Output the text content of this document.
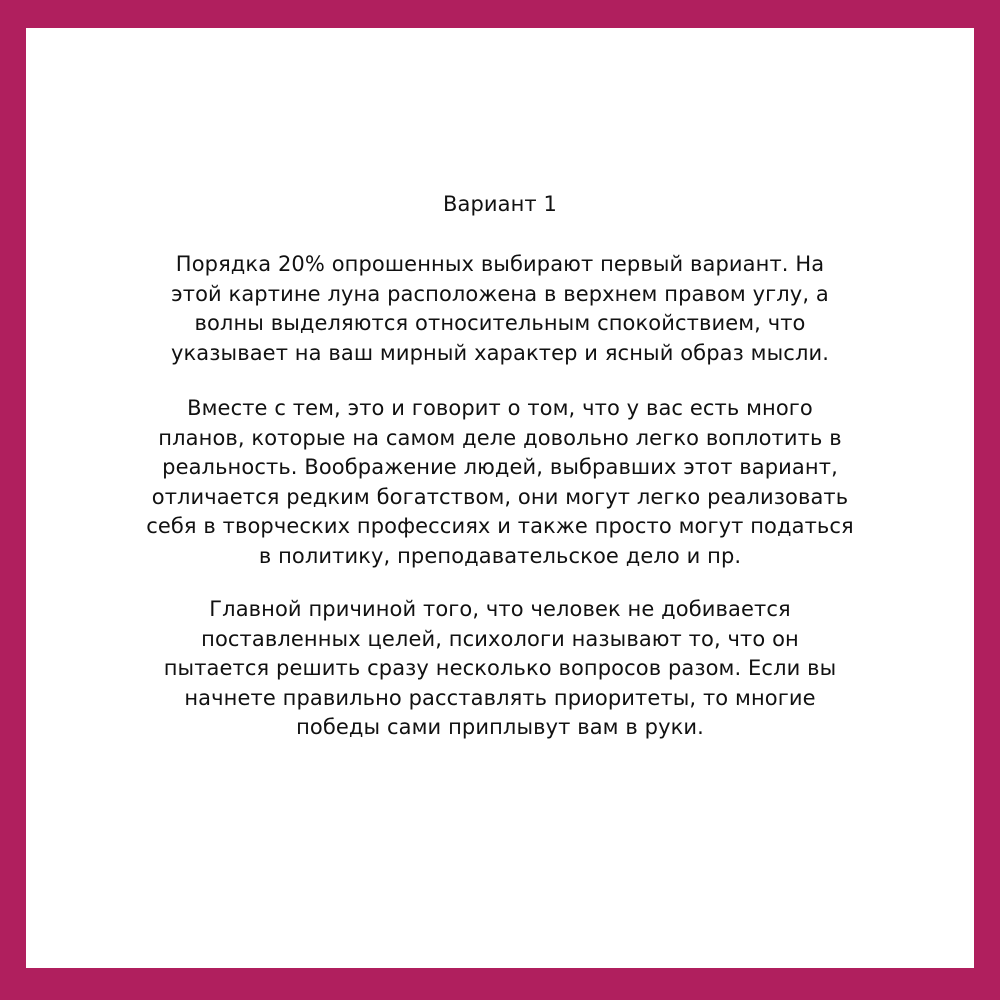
Вариант 1

Порядка 20% опрошенных выбирают первый вариант. На
этой картине луна расположена в верхнем правом углу, а
волны выделяются относительным спокойствием, что
указывает на ваш мирный характер и ясный образ мысли.

Вместе с тем, это и говорит о том, что у вас есть много
планов, которые на самом деле довольно легко воплотить в
реальность. Воображение людей, выбравших этот вариант,
отличается редким богатством, они могут легко реализовать
себя в творческих профессиях и также просто могут податься
в политику, преподавательское дело и пр.

Главной причиной того, что человек не добивается
поставленных целей, психологи называют то, что он
пытается решить сразу несколько вопросов разом. Если вы
начнете правильно расставлять приоритеты, то многие
победы сами приплывут вам в руки.
